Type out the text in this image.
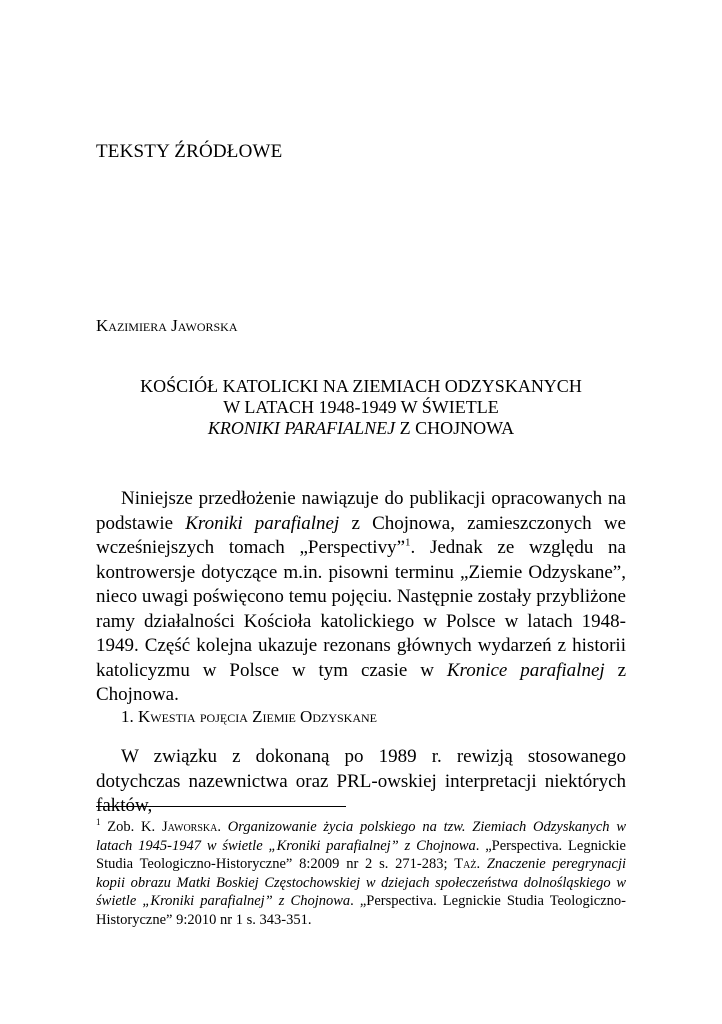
TEKSTY ŹRÓDŁOWE

Kazimiera Jaworska

KOŚCIÓŁ KATOLICKI NA ZIEMIACH ODZYSKANYCH
W LATACH 1948-1949 W ŚWIETLE
KRONIKI PARAFIALNEJ Z CHOJNOWA

Niniejsze przedłożenie nawiązuje do publikacji opracowanych na podstawie Kroniki parafialnej z Chojnowa, zamieszczonych we wcześniejszych tomach „Perspectivy”$^1$. Jednak ze względu na kontrowersje dotyczące m.in. pisowni terminu „Ziemie Odzyskane”, nieco uwagi poświęcono temu pojęciu. Następnie zostały przybliżone ramy działalności Kościoła katolickiego w Polsce w latach 1948-1949. Część kolejna ukazuje rezonans głównych wydarzeń z historii katolicyzmu w Polsce w tym czasie w Kronice parafialnej z Chojnowa.

1. Kwestia pojęcia Ziemie Odzyskane

W związku z dokonaną po 1989 r. rewizją stosowanego dotychczas nazewnictwa oraz PRL-owskiej interpretacji niektórych faktów,

$^1$ Zob. K. Jaworska. Organizowanie życia polskiego na tzw. Ziemiach Odzyskanych w latach 1945-1947 w świetle „Kroniki parafialnej” z Chojnowa. „Perspectiva. Legnickie Studia Teologiczno-Historyczne” 8:2009 nr 2 s. 271-283; Taż. Znaczenie peregrynacji kopii obrazu Matki Boskiej Częstochowskiej w dziejach społeczeństwa dolnośląskiego w świetle „Kroniki parafialnej” z Chojnowa. „Perspectiva. Legnickie Studia Teologiczno-Historyczne” 9:2010 nr 1 s. 343-351.
